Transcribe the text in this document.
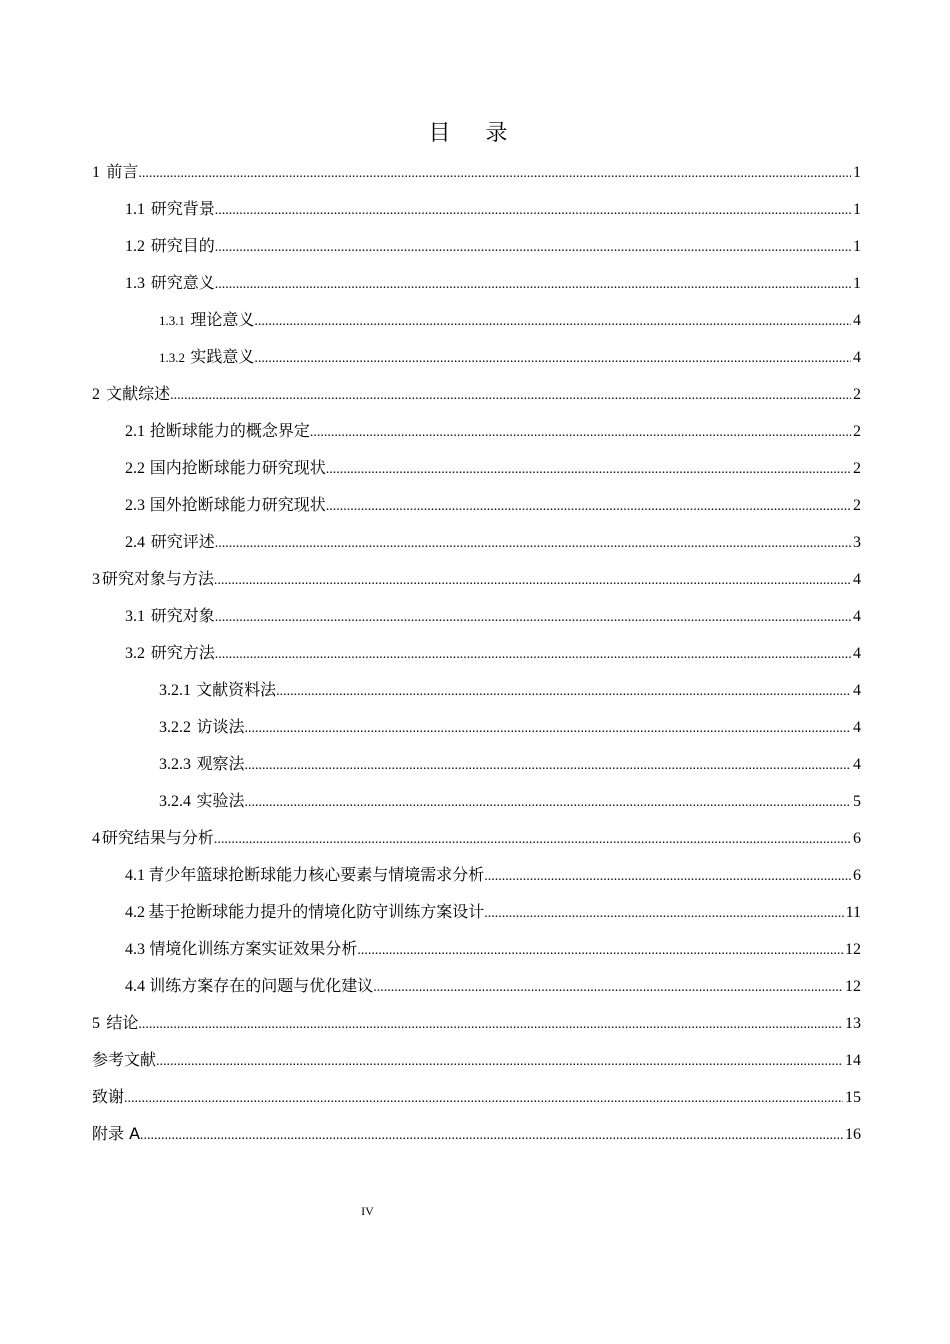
目 录
1 前言 .....	1
1.1 研究背景 .....	1
1.2 研究目的 .....	1
1.3 研究意义 .....	1
1.3.1 理论意义 .....	4
1.3.2 实践意义 .....	4
2 文献综述 .....	2
2.1 抢断球能力的概念界定 .....	2
2.2 国内抢断球能力研究现状 .....	2
2.3 国外抢断球能力研究现状 .....	2
2.4 研究评述 .....	3
3 研究对象与方法 .....	4
3.1 研究对象 .....	4
3.2 研究方法 .....	4
3.2.1 文献资料法 .....	4
3.2.2 访谈法 .....	4
3.2.3 观察法 .....	4
3.2.4 实验法 .....	5
4 研究结果与分析 .....	6
4.1 青少年篮球抢断球能力核心要素与情境需求分析 .....	6
4.2 基于抢断球能力提升的情境化防守训练方案设计 .....	11
4.3 情境化训练方案实证效果分析 .....	12
4.4 训练方案存在的问题与优化建议 .....	12
5 结论 .....	13
参考文献 .....	14
致谢 .....	15
附录 A .....	16
IV
